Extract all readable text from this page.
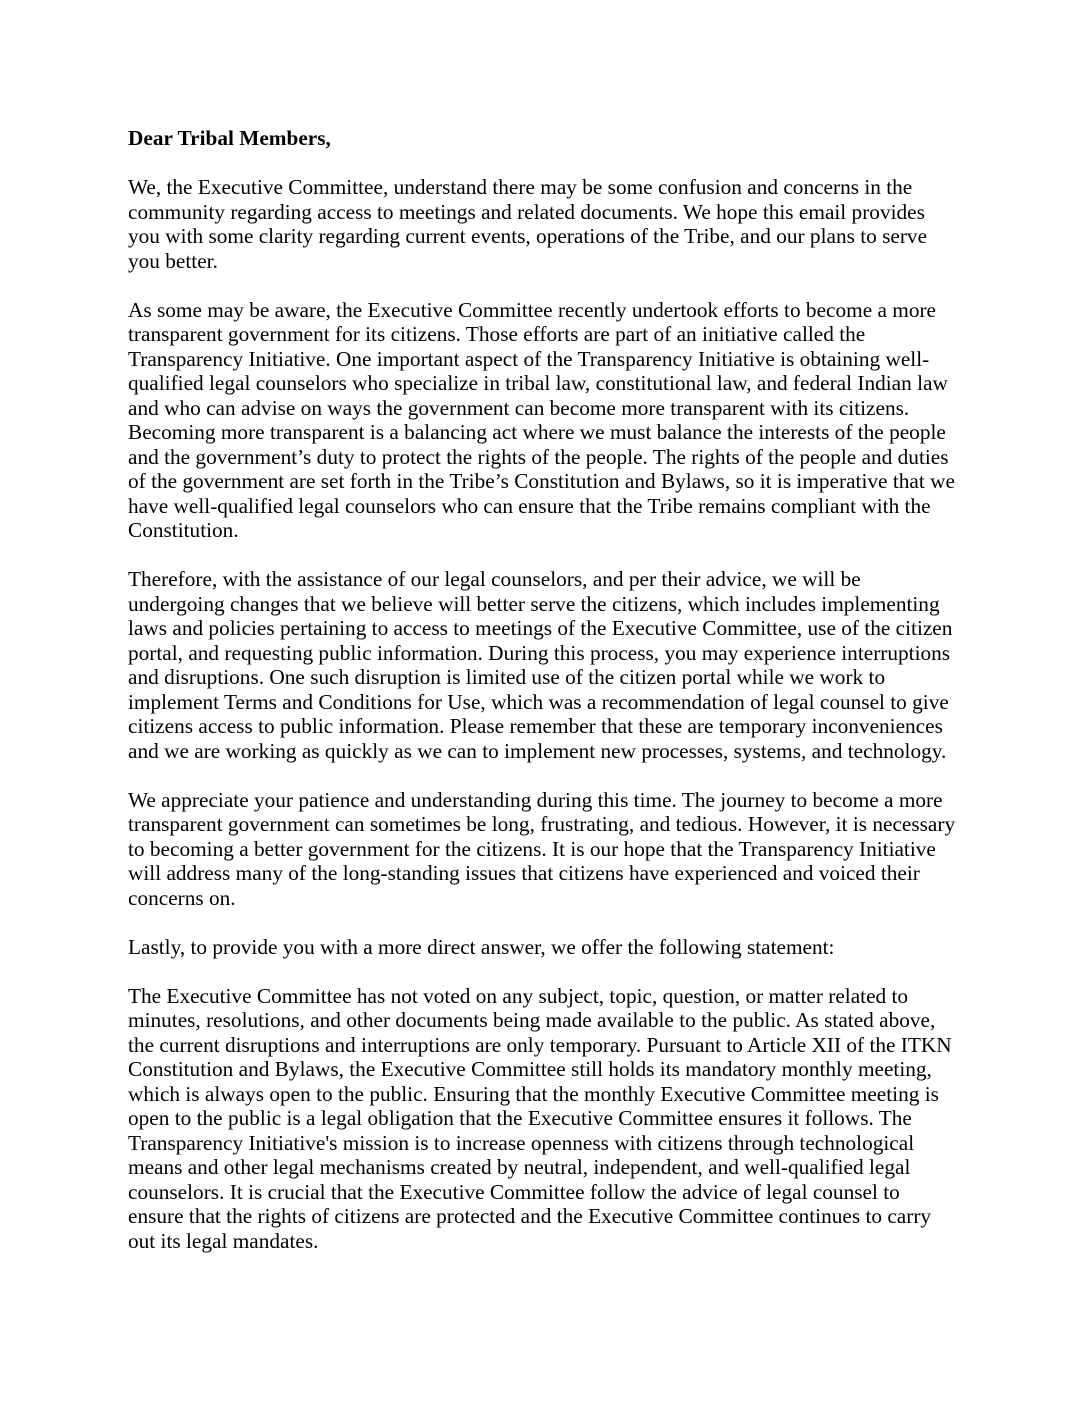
Dear Tribal Members,

We, the Executive Committee, understand there may be some confusion and concerns in the community regarding access to meetings and related documents. We hope this email provides you with some clarity regarding current events, operations of the Tribe, and our plans to serve you better.

As some may be aware, the Executive Committee recently undertook efforts to become a more transparent government for its citizens. Those efforts are part of an initiative called the Transparency Initiative. One important aspect of the Transparency Initiative is obtaining well-qualified legal counselors who specialize in tribal law, constitutional law, and federal Indian law and who can advise on ways the government can become more transparent with its citizens. Becoming more transparent is a balancing act where we must balance the interests of the people and the government’s duty to protect the rights of the people. The rights of the people and duties of the government are set forth in the Tribe’s Constitution and Bylaws, so it is imperative that we have well-qualified legal counselors who can ensure that the Tribe remains compliant with the Constitution.

Therefore, with the assistance of our legal counselors, and per their advice, we will be undergoing changes that we believe will better serve the citizens, which includes implementing laws and policies pertaining to access to meetings of the Executive Committee, use of the citizen portal, and requesting public information. During this process, you may experience interruptions and disruptions. One such disruption is limited use of the citizen portal while we work to implement Terms and Conditions for Use, which was a recommendation of legal counsel to give citizens access to public information. Please remember that these are temporary inconveniences and we are working as quickly as we can to implement new processes, systems, and technology.

We appreciate your patience and understanding during this time. The journey to become a more transparent government can sometimes be long, frustrating, and tedious. However, it is necessary to becoming a better government for the citizens. It is our hope that the Transparency Initiative will address many of the long-standing issues that citizens have experienced and voiced their concerns on.

Lastly, to provide you with a more direct answer, we offer the following statement:

The Executive Committee has not voted on any subject, topic, question, or matter related to minutes, resolutions, and other documents being made available to the public. As stated above, the current disruptions and interruptions are only temporary. Pursuant to Article XII of the ITKN Constitution and Bylaws, the Executive Committee still holds its mandatory monthly meeting, which is always open to the public. Ensuring that the monthly Executive Committee meeting is open to the public is a legal obligation that the Executive Committee ensures it follows. The Transparency Initiative's mission is to increase openness with citizens through technological means and other legal mechanisms created by neutral, independent, and well-qualified legal counselors. It is crucial that the Executive Committee follow the advice of legal counsel to ensure that the rights of citizens are protected and the Executive Committee continues to carry out its legal mandates.
